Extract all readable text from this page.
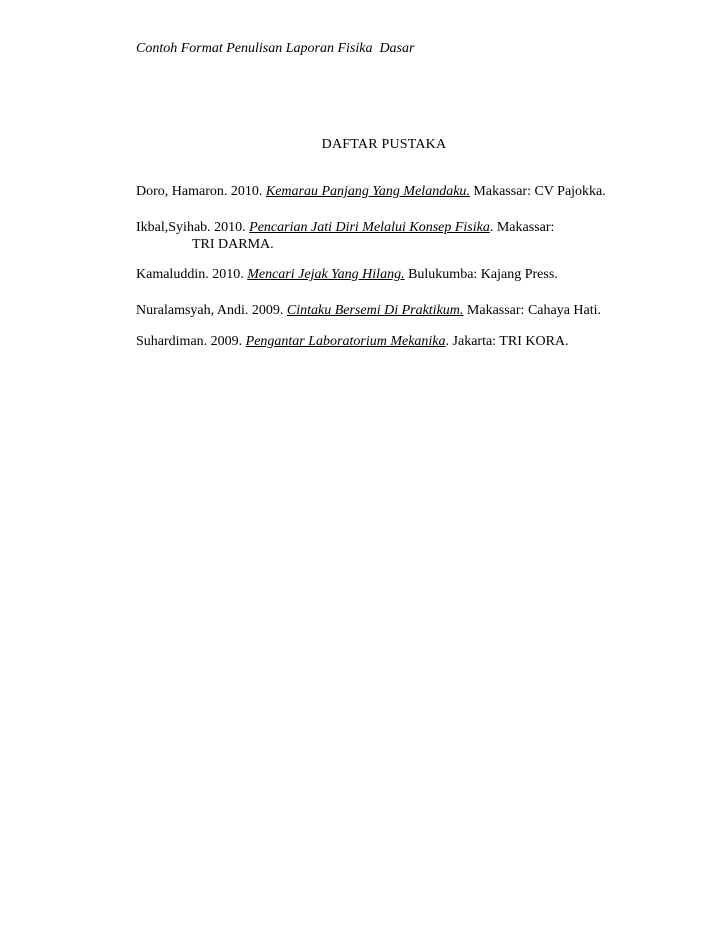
Contoh Format Penulisan Laporan Fisika  Dasar
DAFTAR PUSTAKA
Doro, Hamaron. 2010. Kemarau Panjang Yang Melandaku. Makassar: CV Pajokka.
Ikbal,Syihab. 2010. Pencarian Jati Diri Melalui Konsep Fisika. Makassar:
TRI DARMA.
Kamaluddin. 2010. Mencari Jejak Yang Hilang. Bulukumba: Kajang Press.
Nuralamsyah, Andi. 2009. Cintaku Bersemi Di Praktikum. Makassar: Cahaya Hati.
Suhardiman. 2009. Pengantar Laboratorium Mekanika. Jakarta: TRI KORA.
